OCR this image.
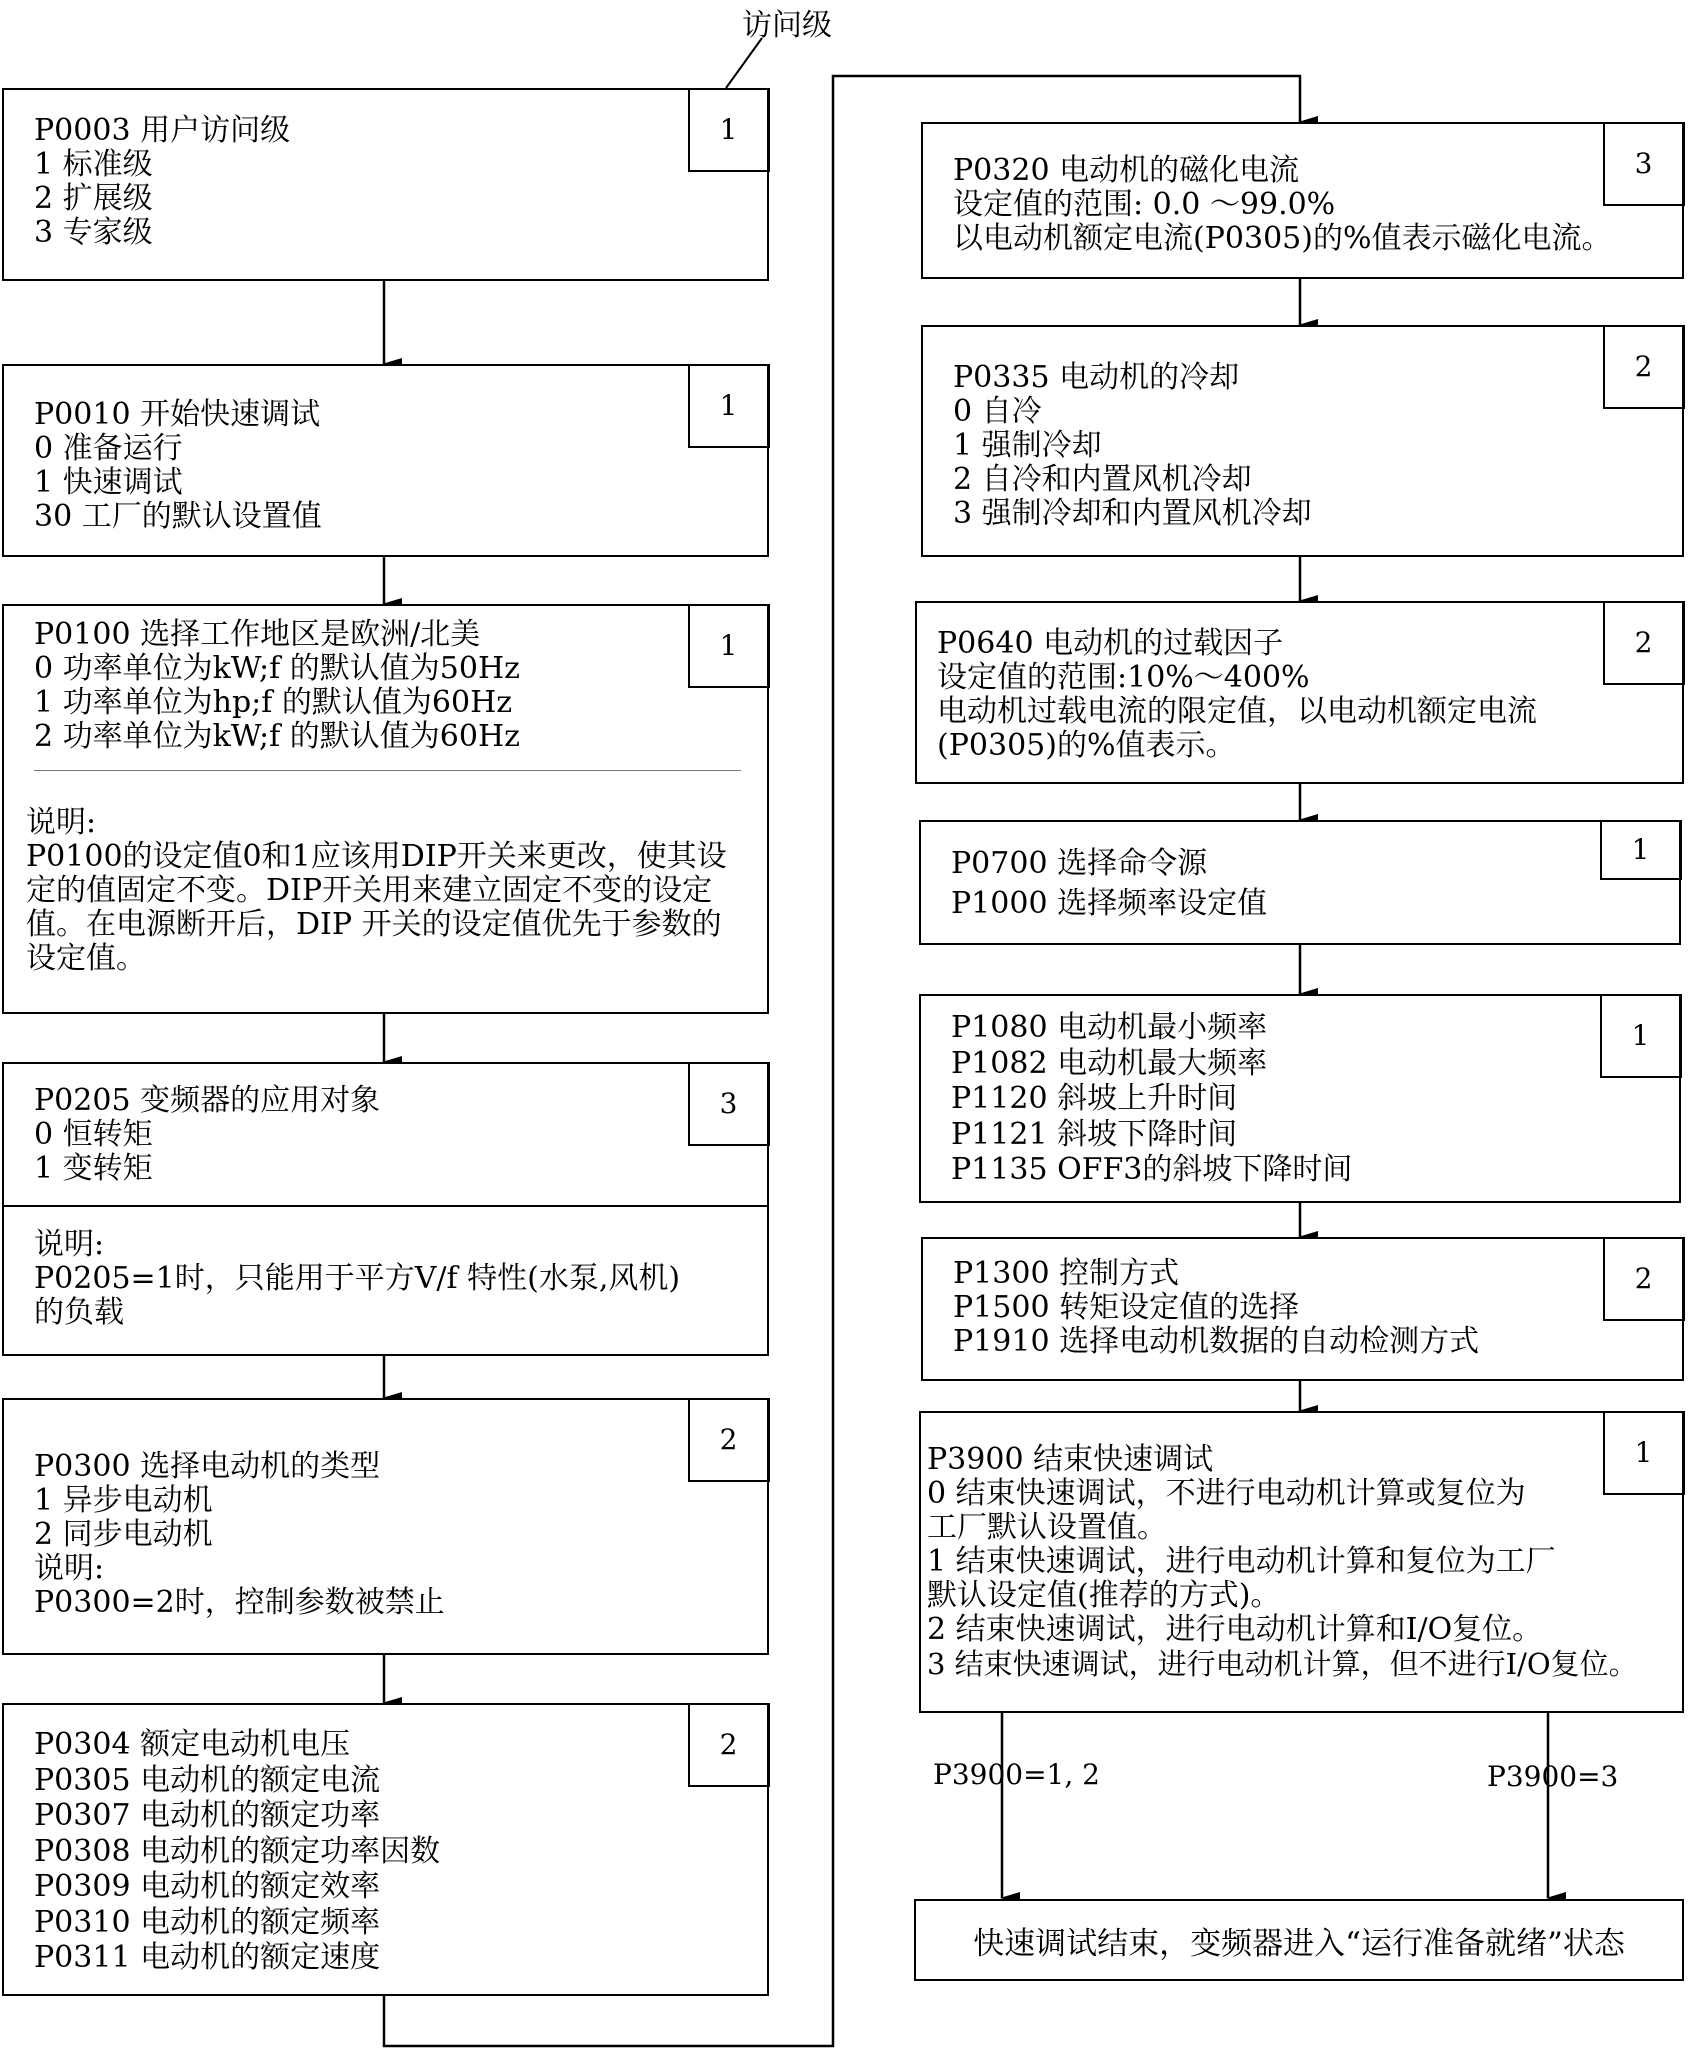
访问级
1
P0003 用户访问级
1 标准级
2 扩展级
3 专家级
1
P0010 开始快速调试
0 准备运行
1 快速调试
30 工厂的默认设置值
1
P0100 选择工作地区是欧洲/北美
0 功率单位为kW;f 的默认值为50Hz
1 功率单位为hp;f 的默认值为60Hz
2 功率单位为kW;f 的默认值为60Hz
说明:
P0100的设定值0和1应该用DIP开关来更改，使其设
定的值固定不变。DIP开关用来建立固定不变的设定
值。在电源断开后，DIP 开关的设定值优先于参数的
设定值。
3
P0205 变频器的应用对象
0 恒转矩
1 变转矩
说明:
P0205=1时，只能用于平方V/f 特性(水泵,风机)
的负载
2
P0300 选择电动机的类型
1 异步电动机
2 同步电动机
说明:
P0300=2时，控制参数被禁止
2
P0304 额定电动机电压
P0305 电动机的额定电流
P0307 电动机的额定功率
P0308 电动机的额定功率因数
P0309 电动机的额定效率
P0310 电动机的额定频率
P0311 电动机的额定速度
3
P0320 电动机的磁化电流
设定值的范围: 0.0 ～99.0%
以电动机额定电流(P0305)的%值表示磁化电流。
2
P0335 电动机的冷却
0 自冷
1 强制冷却
2 自冷和内置风机冷却
3 强制冷却和内置风机冷却
2
P0640 电动机的过载因子
设定值的范围:10%～400%
电动机过载电流的限定值，以电动机额定电流
(P0305)的%值表示。
1
P0700 选择命令源
P1000 选择频率设定值
1
P1080 电动机最小频率
P1082 电动机最大频率
P1120 斜坡上升时间
P1121 斜坡下降时间
P1135 OFF3的斜坡下降时间
2
P1300 控制方式
P1500 转矩设定值的选择
P1910 选择电动机数据的自动检测方式
1
P3900 结束快速调试
0 结束快速调试，不进行电动机计算或复位为
工厂默认设置值。
1 结束快速调试，进行电动机计算和复位为工厂
默认设定值(推荐的方式)。
2 结束快速调试，进行电动机计算和I/O复位。
3 结束快速调试，进行电动机计算，但不进行I/O复位。
P3900=1, 2	P3900=3
快速调试结束，变频器进入“运行准备就绪”状态
